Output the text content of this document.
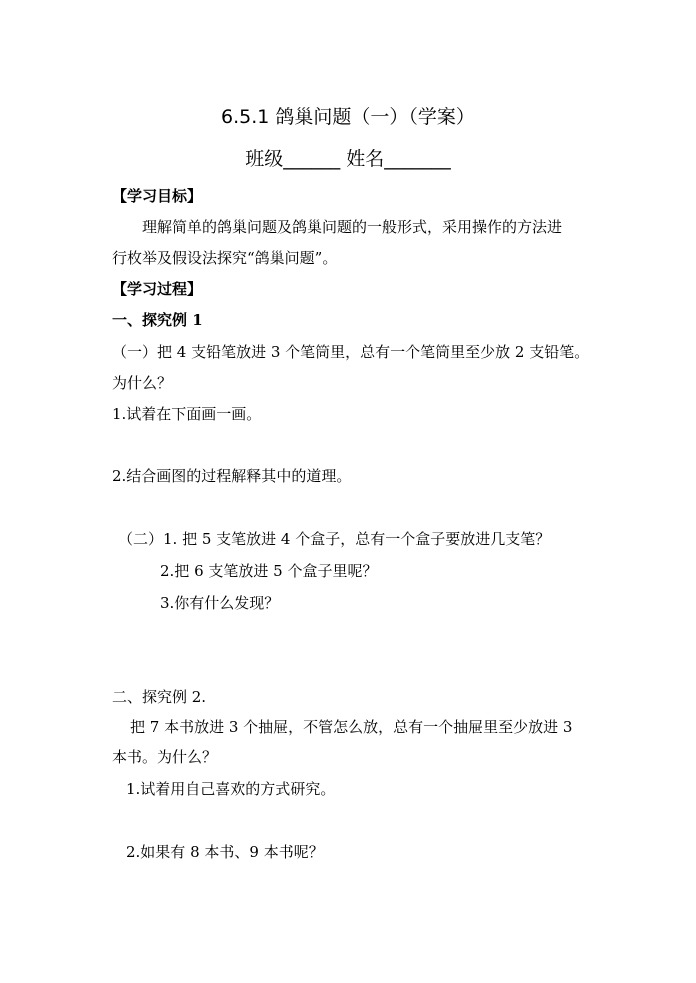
6.5.1 鸽巢问题（一）（学案）
班级______ 姓名_______
【学习目标】
理解简单的鸽巢问题及鸽巢问题的一般形式，采用操作的方法进
行枚举及假设法探究“鸽巢问题”。
【学习过程】
一、探究例 1
（一）把 4 支铅笔放进 3 个笔筒里，总有一个笔筒里至少放 2 支铅笔。
为什么？
1.试着在下面画一画。
2.结合画图的过程解释其中的道理。
（二）1. 把 5 支笔放进 4 个盒子，总有一个盒子要放进几支笔？
2.把 6 支笔放进 5 个盒子里呢？
3.你有什么发现？
二、探究例 2.
把 7 本书放进 3 个抽屉，不管怎么放，总有一个抽屉里至少放进 3
本书。为什么？
1.试着用自己喜欢的方式研究。
2.如果有 8 本书、9 本书呢？
